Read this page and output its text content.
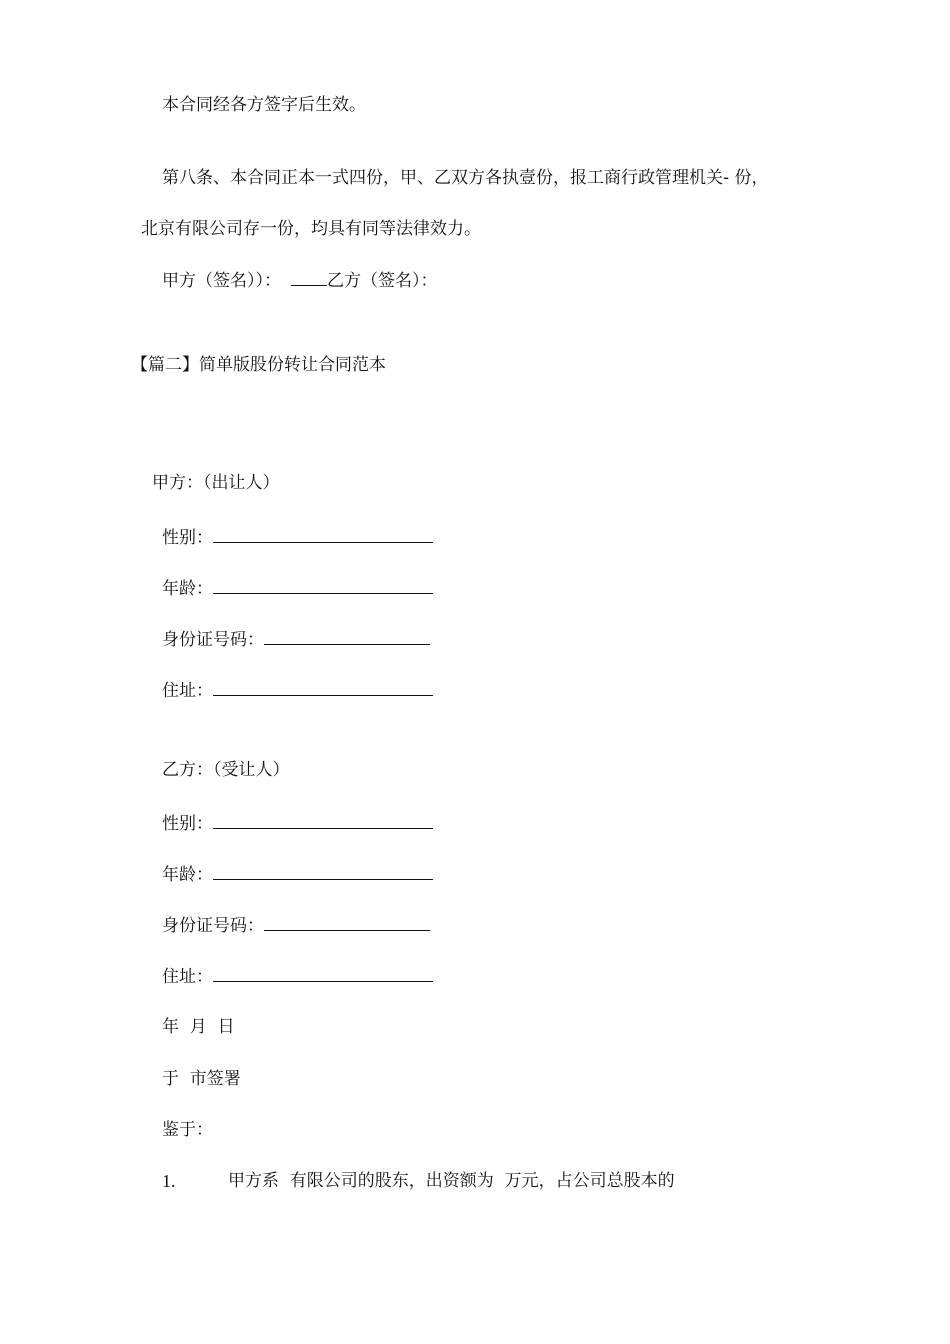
本合同经各方签字后生效。
第八条、本合同正本一式四份，甲、乙双方各执壹份，报工商行政管理机关- 份，
北京有限公司存一份，均具有同等法律效力。
甲方（签名））：	乙方（签名）：
【篇二】简单版股份转让合同范本
甲方：（出让人）
性别：
年龄：
身份证号码：
住址：
乙方：（受让人）
性别：
年龄：
身份证号码：
住址：
年  月  日
于  市签署
鉴于：
1.	甲方系  有限公司的股东，出资额为  万元，占公司总股本的
